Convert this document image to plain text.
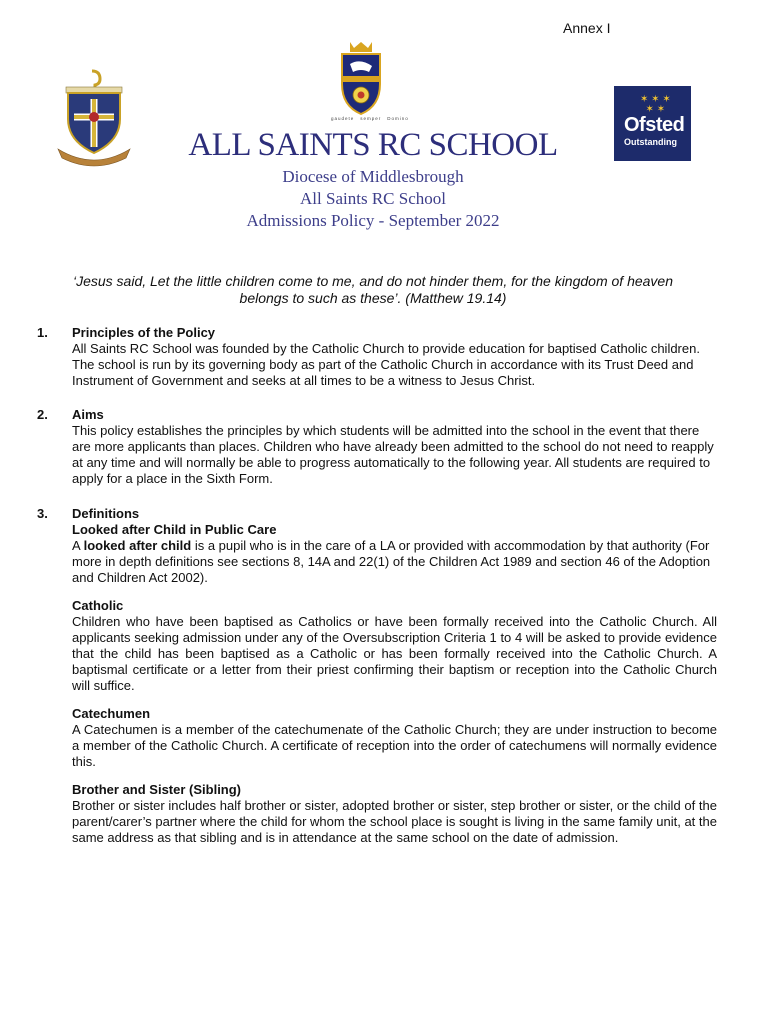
Annex I
gaudete semper Domino
✶ ✶ ✶
✶ ✶
Ofsted
Outstanding
ALL SAINTS RC SCHOOL
Diocese of Middlesbrough
All Saints RC School
Admissions Policy - September 2022
‘Jesus said, Let the little children come to me, and do not hinder them, for the kingdom of heaven belongs to such as these’. (Matthew 19.14)
1. Principles of the Policy
All Saints RC School was founded by the Catholic Church to provide education for baptised Catholic children. The school is run by its governing body as part of the Catholic Church in accordance with its Trust Deed and Instrument of Government and seeks at all times to be a witness to Jesus Christ.
2. Aims
This policy establishes the principles by which students will be admitted into the school in the event that there are more applicants than places. Children who have already been admitted to the school do not need to reapply at any time and will normally be able to progress automatically to the following year. All students are required to apply for a place in the Sixth Form.
3. Definitions
Looked after Child in Public Care
A looked after child is a pupil who is in the care of a LA or provided with accommodation by that authority (For more in depth definitions see sections 8, 14A and 22(1) of the Children Act 1989 and section 46 of the Adoption and Children Act 2002).
Catholic
Children who have been baptised as Catholics or have been formally received into the Catholic Church. All applicants seeking admission under any of the Oversubscription Criteria 1 to 4 will be asked to provide evidence that the child has been baptised as a Catholic or has been formally received into the Catholic Church. A baptismal certificate or a letter from their priest confirming their baptism or reception into the Catholic Church will suffice.
Catechumen
A Catechumen is a member of the catechumenate of the Catholic Church; they are under instruction to become a member of the Catholic Church. A certificate of reception into the order of catechumens will normally evidence this.
Brother and Sister (Sibling)
Brother or sister includes half brother or sister, adopted brother or sister, step brother or sister, or the child of the parent/carer’s partner where the child for whom the school place is sought is living in the same family unit, at the same address as that sibling and is in attendance at the same school on the date of admission.
